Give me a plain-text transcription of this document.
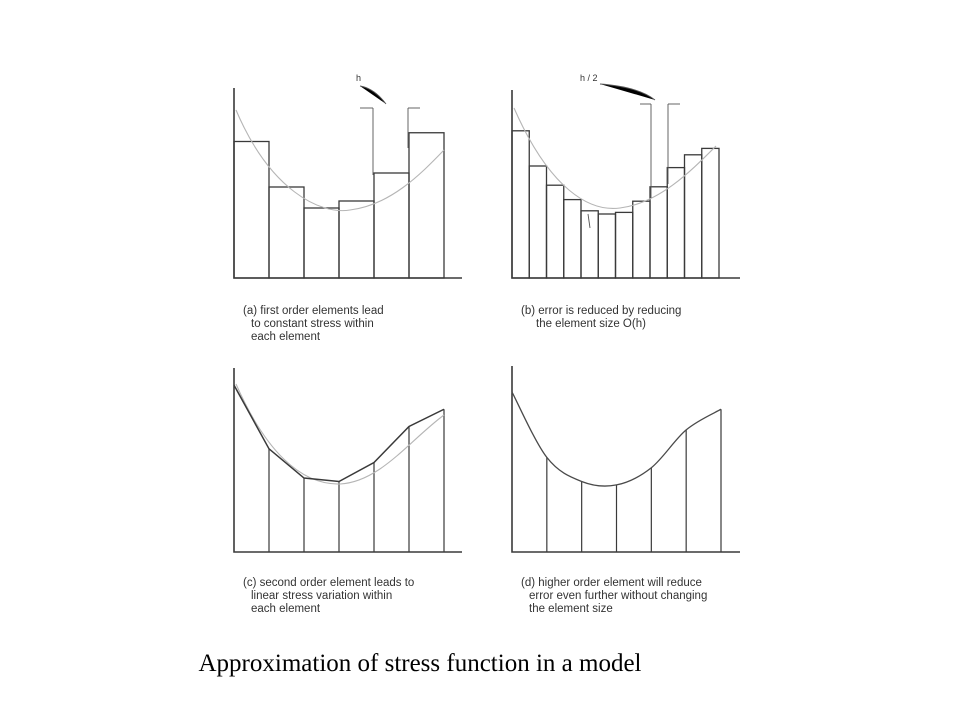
h
(a) first order elements lead to constant stress within each element
h / 2
(b) error is reduced by reducing the element size O(h)
(c) second order element leads to linear stress variation within each element
(d) higher order element will reduce error even further without changing the element size
Approximation of stress function in a model
